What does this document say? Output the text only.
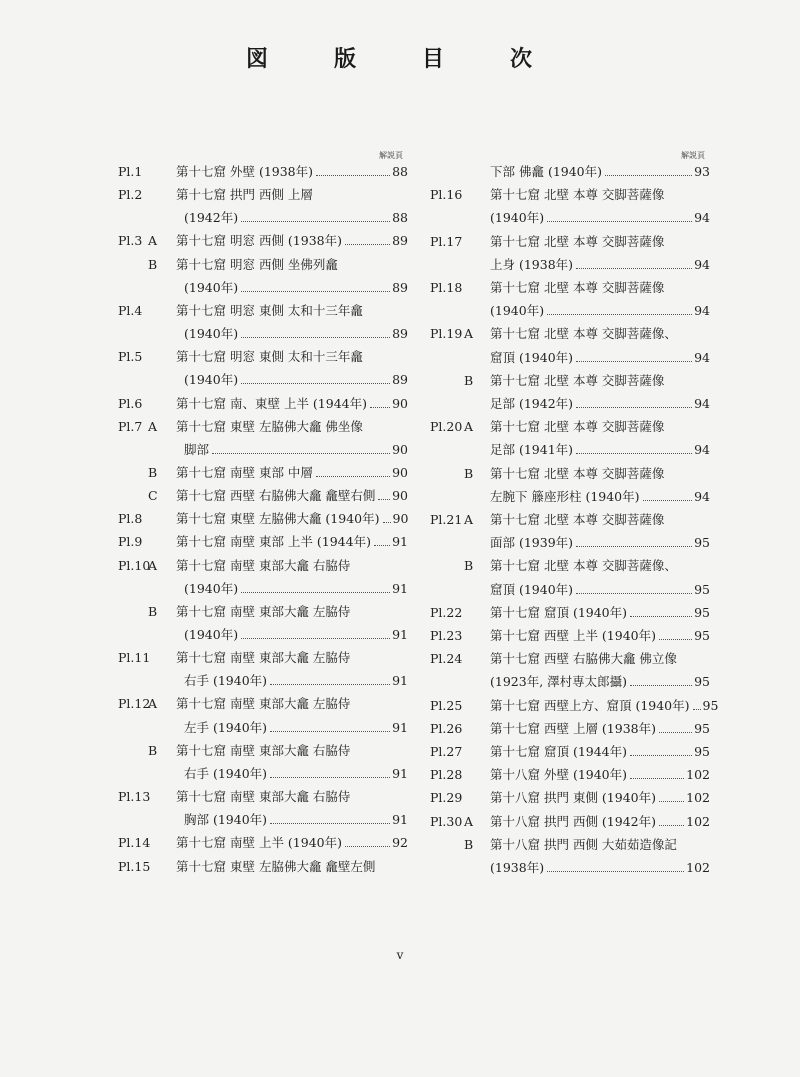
図　版　目　次
解説頁
Pl.1	第十七窟 外壁 (1938年)	88
Pl.2	第十七窟 拱門 西側 上層
(1942年)	88
Pl.3 A 第十七窟 明窓 西側 (1938年)	89
B 第十七窟 明窓 西側 坐佛列龕
(1940年)	89
Pl.4	第十七窟 明窓 東側 太和十三年龕
(1940年)	89
Pl.5	第十七窟 明窓 東側 太和十三年龕
(1940年)	89
Pl.6	第十七窟 南、東壁 上半 (1944年) 90
Pl.7 A 第十七窟 東壁 左脇佛大龕 佛坐像
脚部	90
B 第十七窟 南壁 東部 中層	90
C 第十七窟 西壁 右脇佛大龕 龕壁右側 90
Pl.8	第十七窟 東壁 左脇佛大龕 (1940年) 90
Pl.9	第十七窟 南壁 東部 上半 (1944年) 91
Pl.10
A 第十七窟 南壁 東部大龕 右脇侍
(1940年)	91
B 第十七窟 南壁 東部大龕 左脇侍
(1940年)	91
Pl.11 第十七窟 南壁 東部大龕 左脇侍
右手 (1940年)	91
Pl.12
A 第十七窟 南壁 東部大龕 左脇侍
左手 (1940年)	91
B 第十七窟 南壁 東部大龕 右脇侍
右手 (1940年)	91
Pl.13 第十七窟 南壁 東部大龕 右脇侍
胸部 (1940年)	91
Pl.14 第十七窟 南壁 上半 (1940年)	92
Pl.15 第十七窟 東壁 左脇佛大龕 龕壁左側
解説頁
下部 佛龕 (1940年)	93
Pl.16 第十七窟 北壁 本尊 交脚菩薩像
(1940年)	94
Pl.17 第十七窟 北壁 本尊 交脚菩薩像
上身 (1938年)	94
Pl.18 第十七窟 北壁 本尊 交脚菩薩像
(1940年)	94
Pl.19 A 第十七窟 北壁 本尊 交脚菩薩像、
窟頂 (1940年)	94
B 第十七窟 北壁 本尊 交脚菩薩像
足部 (1942年)	94
Pl.20 A 第十七窟 北壁 本尊 交脚菩薩像
足部 (1941年)	94
B 第十七窟 北壁 本尊 交脚菩薩像
左腕下 籐座形柱 (1940年)	94
Pl.21 A 第十七窟 北壁 本尊 交脚菩薩像
面部 (1939年)	95
B 第十七窟 北壁 本尊 交脚菩薩像、
窟頂 (1940年)	95
Pl.22 第十七窟 窟頂 (1940年)	95
Pl.23 第十七窟 西壁 上半 (1940年)	95
Pl.24 第十七窟 西壁 右脇佛大龕 佛立像
(1923年, 澤村専太郎攝)	95
Pl.25 第十七窟 西壁上方、窟頂 (1940年) 95
Pl.26 第十七窟 西壁 上層 (1938年)	95
Pl.27 第十七窟 窟頂 (1944年)	95
Pl.28 第十八窟 外壁 (1940年)	102
Pl.29 第十八窟 拱門 東側 (1940年) 102
Pl.30 A 第十八窟 拱門 西側 (1942年) 102
B 第十八窟 拱門 西側 大茹茹造像記
(1938年)	102
v
